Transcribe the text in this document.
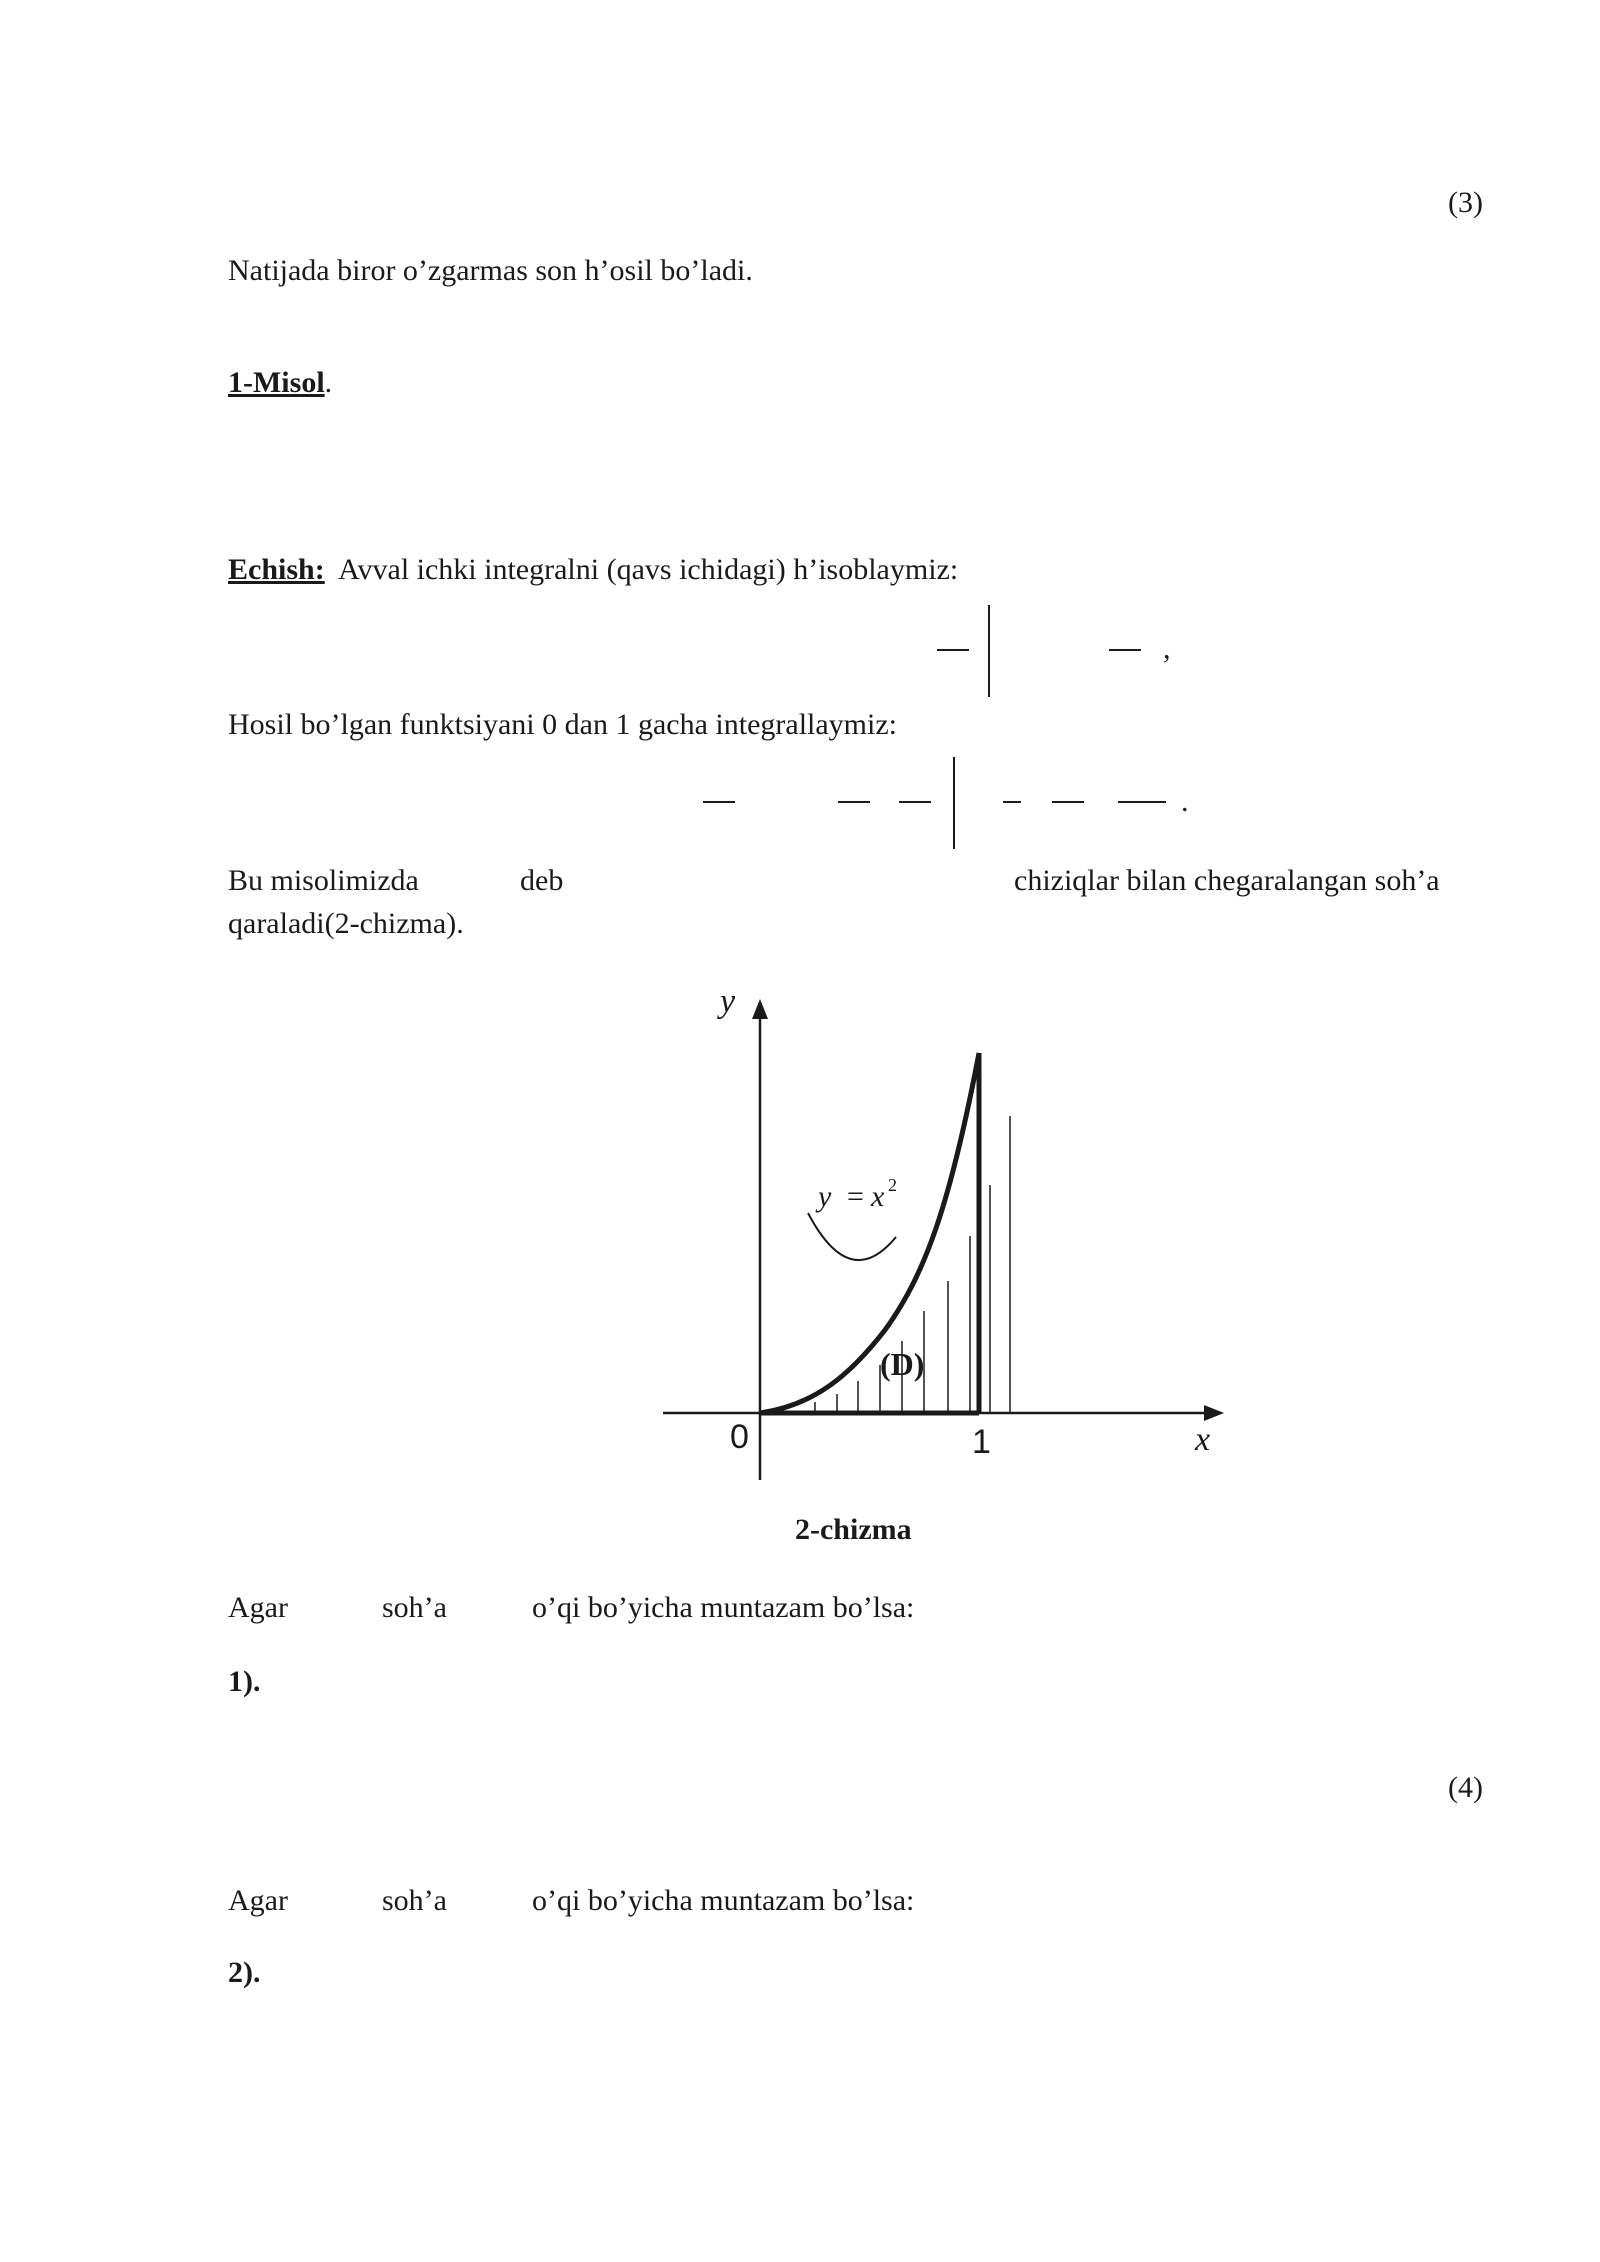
(3)
Natijada biror o’zgarmas son h’osil bo’ladi.
1-Misol.
Echish: Avval ichki integralni (qavs ichidagi) h’isoblaymiz:
,
Hosil bo’lgan funktsiyani 0 dan 1 gacha integrallaymiz:
.
Bu misolimizda	deb	chiziqlar bilan chegaralangan soh’a
qaraladi(2-chizma).
y
x
0	1
y = x 2
(D)
2-chizma
Agar	soh’a	o’qi bo’yicha muntazam bo’lsa:
1).
(4)
Agar	soh’a	o’qi bo’yicha muntazam bo’lsa:
2).
